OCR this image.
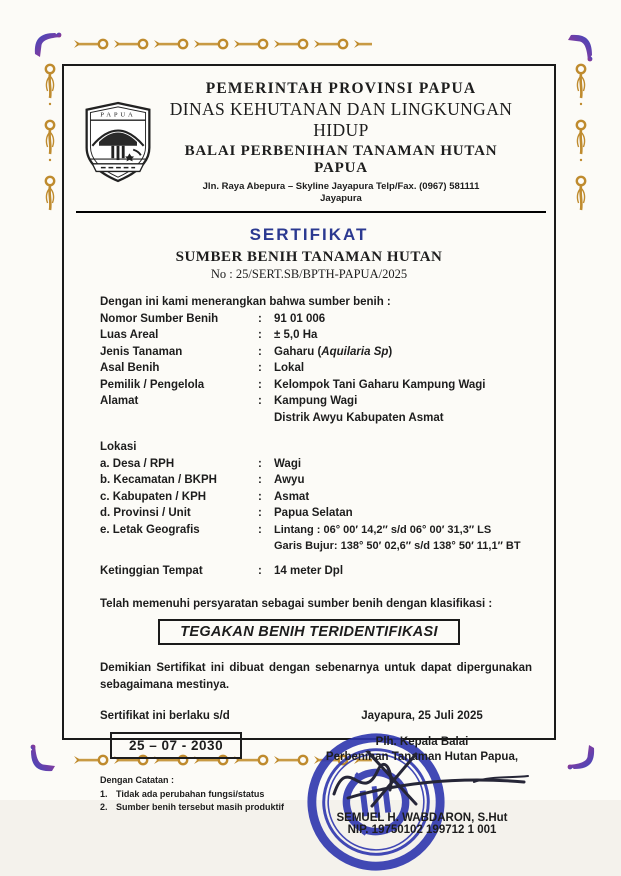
PAPUA
PEMERINTAH PROVINSI PAPUA
DINAS KEHUTANAN DAN LINGKUNGAN HIDUP
BALAI PERBENIHAN TANAMAN HUTAN PAPUA
Jln. Raya Abepura – Skyline Jayapura Telp/Fax. (0967) 581111
Jayapura
SERTIFIKAT
SUMBER BENIH TANAMAN HUTAN
No : 25/SERT.SB/BPTH-PAPUA/2025
Dengan ini kami menerangkan bahwa sumber benih :
Nomor Sumber Benih	:	91 01 006
Luas Areal	:	± 5,0 Ha
Jenis Tanaman	:	Gaharu (Aquilaria Sp)
Asal Benih	:	Lokal
Pemilik / Pengelola	:	Kelompok Tani Gaharu Kampung Wagi
Alamat	:	Kampung Wagi
Distrik Awyu Kabupaten Asmat
Lokasi
a. Desa / RPH	:	Wagi
b. Kecamatan / BKPH	:	Awyu
c. Kabupaten / KPH	:	Asmat
d. Provinsi / Unit	:	Papua Selatan
e. Letak Geografis	:	Lintang : 06° 00′ 14,2″ s/d 06° 00′ 31,3″ LS
Garis Bujur: 138° 50′ 02,6″ s/d 138° 50′ 11,1″ BT
Ketinggian Tempat	:	14 meter Dpl
Telah memenuhi persyaratan sebagai sumber benih dengan klasifikasi :
TEGAKAN BENIH TERIDENTIFIKASI
Demikian Sertifikat ini dibuat dengan sebenarnya untuk dapat dipergunakan sebagaimana mestinya.
Sertifikat ini berlaku s/d
25 – 07 - 2030
Dengan Catatan :
1. Tidak ada perubahan fungsi/status
2. Sumber benih tersebut masih produktif
Jayapura, 25 Juli 2025
Plh. Kepala Balai
Perbenihan Tanaman Hutan Papua,
SEMUEL H. WABDARON, S.Hut
NIP. 19750102 199712 1 001
